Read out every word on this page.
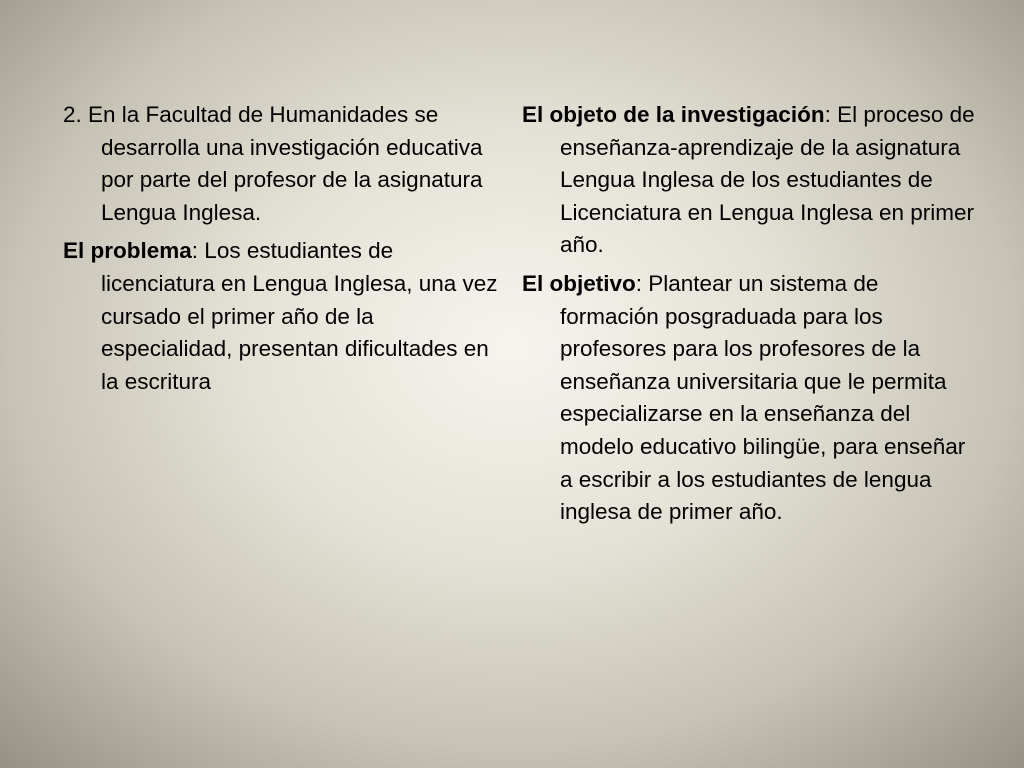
2. En la Facultad de Humanidades se desarrolla una investigación educativa por parte del profesor de la asignatura Lengua Inglesa.

El problema: Los estudiantes de licenciatura en Lengua Inglesa, una vez cursado el primer año de la especialidad, presentan dificultades en la escritura

El objeto de la investigación: El proceso de enseñanza-aprendizaje de la asignatura Lengua Inglesa de los estudiantes de Licenciatura en Lengua Inglesa en primer año.

El objetivo: Plantear un sistema de formación posgraduada para los profesores para los profesores de la enseñanza universitaria que le permita especializarse en la enseñanza del modelo educativo bilingüe, para enseñar a escribir a los estudiantes de lengua inglesa de primer año.
